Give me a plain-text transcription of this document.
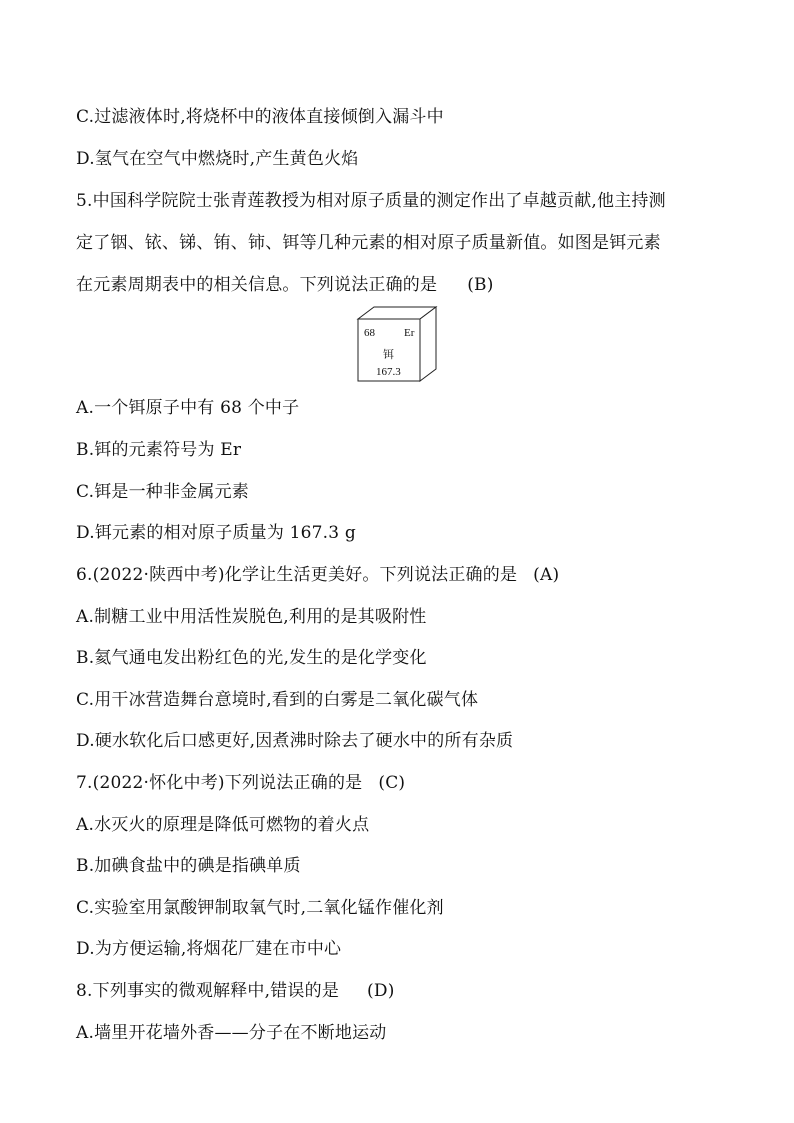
C.过滤液体时,将烧杯中的液体直接倾倒入漏斗中
D.氢气在空气中燃烧时,产生黄色火焰
5.中国科学院院士张青莲教授为相对原子质量的测定作出了卓越贡献,他主持测
定了铟、铱、锑、铕、铈、铒等几种元素的相对原子质量新值。如图是铒元素
在元素周期表中的相关信息。下列说法正确的是 (B)
68	Er
铒
167.3
A.一个铒原子中有 68 个中子
B.铒的元素符号为 Er
C.铒是一种非金属元素
D.铒元素的相对原子质量为 167.3 g
6.(2022·陕西中考)化学让生活更美好。下列说法正确的是 (A)
A.制糖工业中用活性炭脱色,利用的是其吸附性
B.氦气通电发出粉红色的光,发生的是化学变化
C.用干冰营造舞台意境时,看到的白雾是二氧化碳气体
D.硬水软化后口感更好,因煮沸时除去了硬水中的所有杂质
7.(2022·怀化中考)下列说法正确的是 (C)
A.水灭火的原理是降低可燃物的着火点
B.加碘食盐中的碘是指碘单质
C.实验室用氯酸钾制取氧气时,二氧化锰作催化剂
D.为方便运输,将烟花厂建在市中心
8.下列事实的微观解释中,错误的是 (D)
A.墙里开花墙外香——分子在不断地运动
